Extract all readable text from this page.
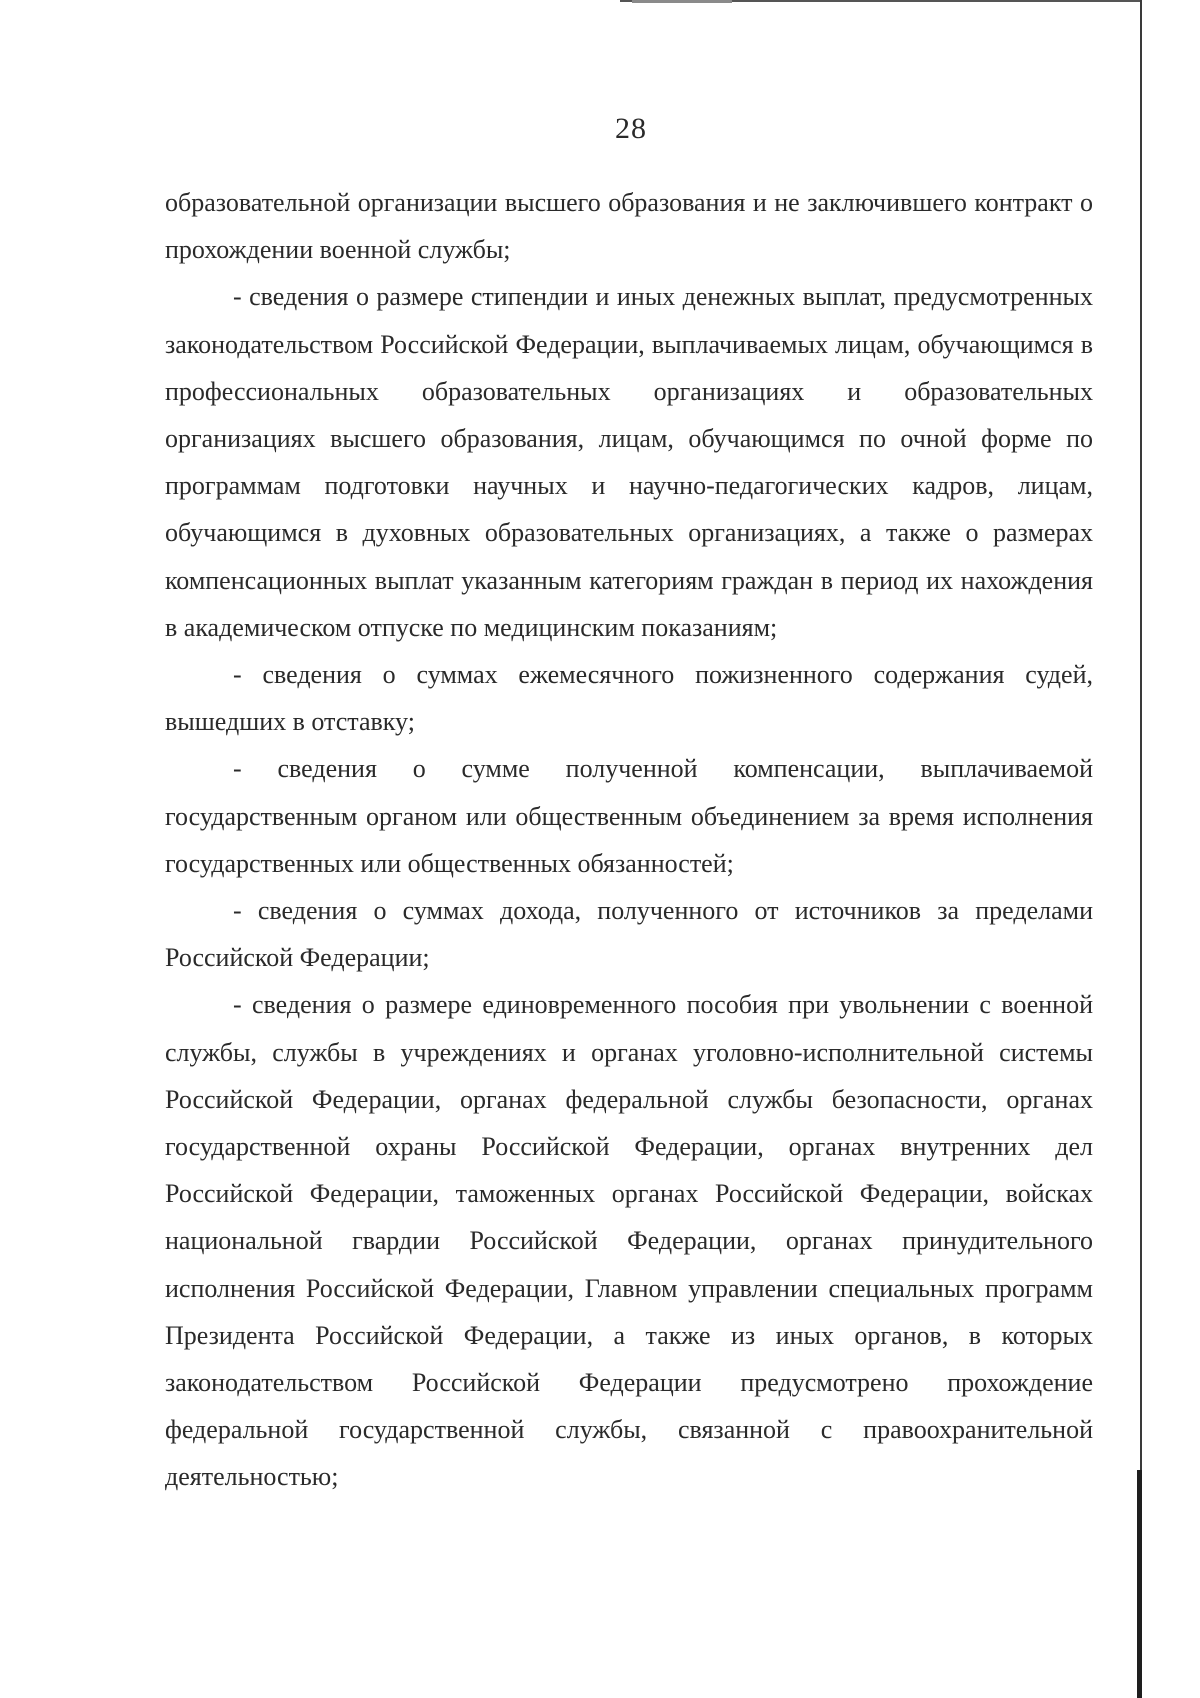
28

образовательной организации высшего образования и не заключившего контракт о прохождении военной службы;

- сведения о размере стипендии и иных денежных выплат, предусмотренных законодательством Российской Федерации, выплачиваемых лицам, обучающимся в профессиональных образовательных организациях и образовательных организациях высшего образования, лицам, обучающимся по очной форме по программам подготовки научных и научно-педагогических кадров, лицам, обучающимся в духовных образовательных организациях, а также о размерах компенсационных выплат указанным категориям граждан в период их нахождения в академическом отпуске по медицинским показаниям;

- сведения о суммах ежемесячного пожизненного содержания судей, вышедших в отставку;

- сведения о сумме полученной компенсации, выплачиваемой государственным органом или общественным объединением за время исполнения государственных или общественных обязанностей;

- сведения о суммах дохода, полученного от источников за пределами Российской Федерации;

- сведения о размере единовременного пособия при увольнении с военной службы, службы в учреждениях и органах уголовно-исполнительной системы Российской Федерации, органах федеральной службы безопасности, органах государственной охраны Российской Федерации, органах внутренних дел Российской Федерации, таможенных органах Российской Федерации, войсках национальной гвардии Российской Федерации, органах принудительного исполнения Российской Федерации, Главном управлении специальных программ Президента Российской Федерации, а также из иных органов, в которых законодательством Российской Федерации предусмотрено прохождение федеральной государственной службы, связанной с правоохранительной деятельностью;
